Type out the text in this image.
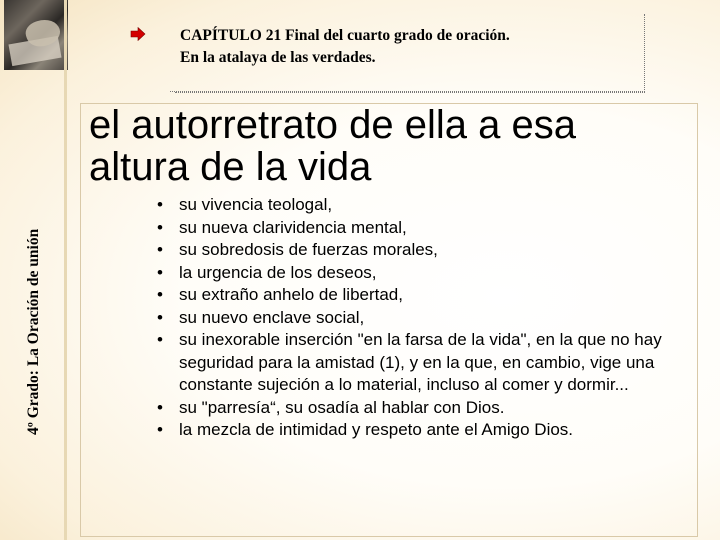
4º Grado: La Oración de unión
CAPÍTULO 21 Final del cuarto grado de oración.
En la atalaya de las verdades.
el autorretrato de ella a esa altura de la vida
• su vivencia teologal,
• su nueva clarividencia mental,
• su sobredosis de fuerzas morales,
• la urgencia de los deseos,
• su extraño anhelo de libertad,
• su nuevo enclave social,
• su inexorable inserción "en la farsa de la vida", en la que no hay seguridad para la amistad (1), y en la que, en cambio, vige una constante sujeción a lo material, incluso al comer y dormir...
• su "parresía“, su osadía al hablar con Dios.
• la mezcla de intimidad y respeto ante el Amigo Dios.
